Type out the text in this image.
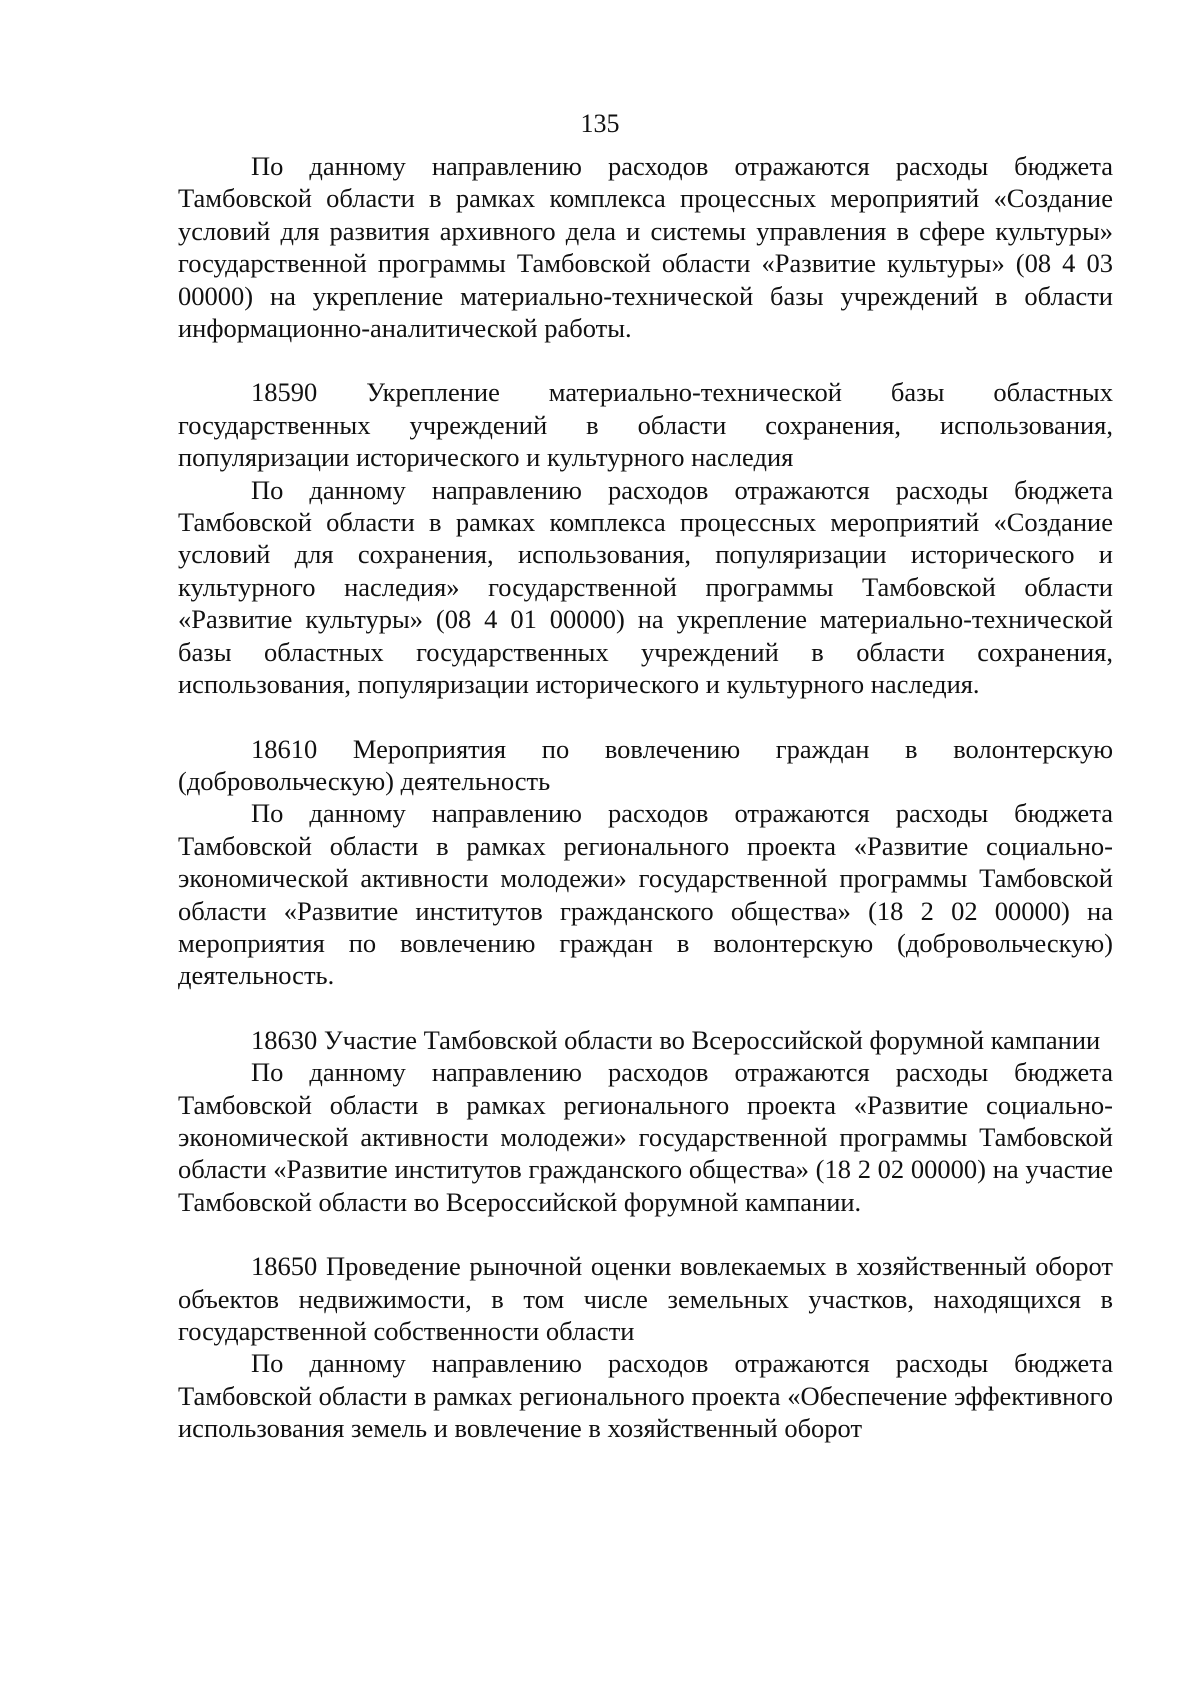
135

По данному направлению расходов отражаются расходы бюджета Тамбовской области в рамках комплекса процессных мероприятий «Создание условий для развития архивного дела и системы управления в сфере культуры» государственной программы Тамбовской области «Развитие культуры» (08 4 03 00000) на укрепление материально-технической базы учреждений в области информационно-аналитической работы.

18590 Укрепление материально-технической базы областных государственных учреждений в области сохранения, использования, популяризации исторического и культурного наследия

По данному направлению расходов отражаются расходы бюджета Тамбовской области в рамках комплекса процессных мероприятий «Создание условий для сохранения, использования, популяризации исторического и культурного наследия» государственной программы Тамбовской области «Развитие культуры» (08 4 01 00000) на укрепление материально-технической базы областных государственных учреждений в области сохранения, использования, популяризации исторического и культурного наследия.

18610 Мероприятия по вовлечению граждан в волонтерскую (добровольческую) деятельность

По данному направлению расходов отражаются расходы бюджета Тамбовской области в рамках регионального проекта «Развитие социально-экономической активности молодежи» государственной программы Тамбовской области «Развитие институтов гражданского общества» (18 2 02 00000) на мероприятия по вовлечению граждан в волонтерскую (добровольческую) деятельность.

18630 Участие Тамбовской области во Всероссийской форумной кампании

По данному направлению расходов отражаются расходы бюджета Тамбовской области в рамках регионального проекта «Развитие социально-экономической активности молодежи» государственной программы Тамбовской области «Развитие институтов гражданского общества» (18 2 02 00000) на участие Тамбовской области во Всероссийской форумной кампании.

18650 Проведение рыночной оценки вовлекаемых в хозяйственный оборот объектов недвижимости, в том числе земельных участков, находящихся в государственной собственности области

По данному направлению расходов отражаются расходы бюджета Тамбовской области в рамках регионального проекта «Обеспечение эффективного использования земель и вовлечение в хозяйственный оборот
